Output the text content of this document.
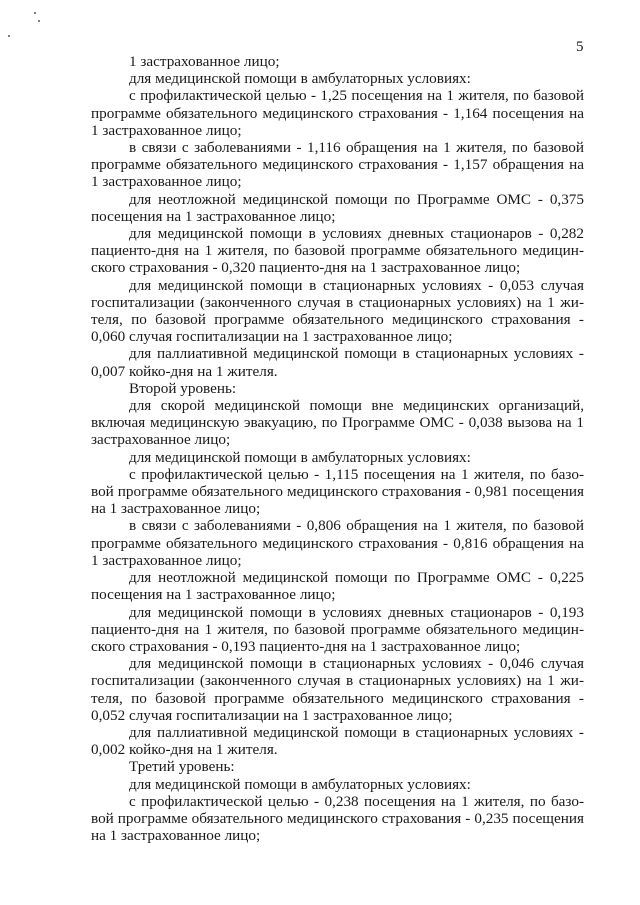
5

1 застрахованное лицо;

для медицинской помощи в амбулаторных условиях:

с профилактической целью - 1,25 посещения на 1 жителя, по базовой программе обязательного медицинского страхования - 1,164 посещения на 1 застрахованное лицо;

в связи с заболеваниями - 1,116 обращения на 1 жителя, по базовой программе обязательного медицинского страхования - 1,157 обращения на 1 застрахованное лицо;

для неотложной медицинской помощи по Программе ОМС - 0,375 посещения на 1 застрахованное лицо;

для медицинской помощи в условиях дневных стационаров - 0,282 пациенто-дня на 1 жителя, по базовой программе обязательного медицинского страхования - 0,320 пациенто-дня на 1 застрахованное лицо;

для медицинской помощи в стационарных условиях - 0,053 случая госпитализации (законченного случая в стационарных условиях) на 1 жителя, по базовой программе обязательного медицинского страхования - 0,060 случая госпитализации на 1 застрахованное лицо;

для паллиативной медицинской помощи в стационарных условиях - 0,007 койко-дня на 1 жителя.

Второй уровень:

для скорой медицинской помощи вне медицинских организаций, включая медицинскую эвакуацию, по Программе ОМС - 0,038 вызова на 1 застрахованное лицо;

для медицинской помощи в амбулаторных условиях:

с профилактической целью - 1,115 посещения на 1 жителя, по базовой программе обязательного медицинского страхования - 0,981 посещения на 1 застрахованное лицо;

в связи с заболеваниями - 0,806 обращения на 1 жителя, по базовой программе обязательного медицинского страхования - 0,816 обращения на 1 застрахованное лицо;

для неотложной медицинской помощи по Программе ОМС - 0,225 посещения на 1 застрахованное лицо;

для медицинской помощи в условиях дневных стационаров - 0,193 пациенто-дня на 1 жителя, по базовой программе обязательного медицинского страхования - 0,193 пациенто-дня на 1 застрахованное лицо;

для медицинской помощи в стационарных условиях - 0,046 случая госпитализации (законченного случая в стационарных условиях) на 1 жителя, по базовой программе обязательного медицинского страхования - 0,052 случая госпитализации на 1 застрахованное лицо;

для паллиативной медицинской помощи в стационарных условиях - 0,002 койко-дня на 1 жителя.

Третий уровень:

для медицинской помощи в амбулаторных условиях:

с профилактической целью - 0,238 посещения на 1 жителя, по базовой программе обязательного медицинского страхования - 0,235 посещения на 1 застрахованное лицо;
